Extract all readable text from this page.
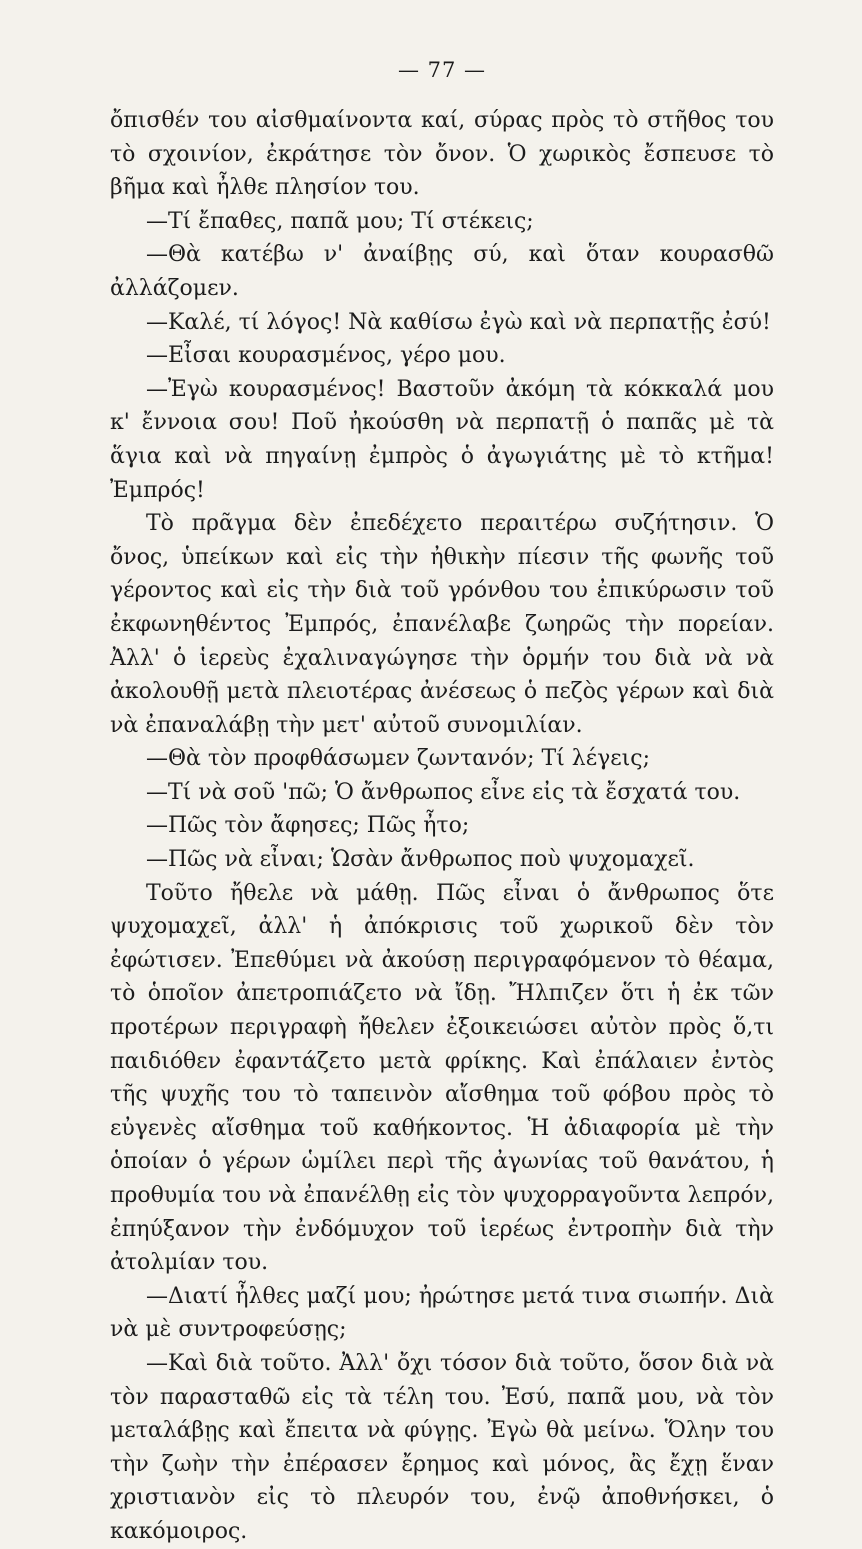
— 77 —

ὄπισθέν του αἰσθμαίνοντα καί, σύρας πρὸς τὸ στῆθος του τὸ σχοινίον, ἐκράτησε τὸν ὄνον. Ὁ χωρικὸς ἔσπευσε τὸ βῆμα καὶ ἦλθε πλησίον του.

—Τί ἔπαθες, παπᾶ μου; Τί στέκεις;

—Θὰ κατέβω ν' ἀναίβῃς σύ, καὶ ὅταν κουρασθῶ ἀλλάζομεν.

—Καλέ, τί λόγος! Νὰ καθίσω ἐγὼ καὶ νὰ περπατῇς ἐσύ!

—Εἶσαι κουρασμένος, γέρο μου.

—Ἐγὼ κουρασμένος! Βαστοῦν ἀκόμη τὰ κόκκαλά μου κ' ἔννοια σου! Ποῦ ἠκούσθη νὰ περπατῇ ὁ παπᾶς μὲ τὰ ἅγια καὶ νὰ πηγαίνῃ ἐμπρὸς ὁ ἀγωγιάτης μὲ τὸ κτῆμα! Ἐμπρός!

Τὸ πρᾶγμα δὲν ἐπεδέχετο περαιτέρω συζήτησιν. Ὁ ὄνος, ὑπείκων καὶ εἰς τὴν ἠθικὴν πίεσιν τῆς φωνῆς τοῦ γέροντος καὶ εἰς τὴν διὰ τοῦ γρόνθου του ἐπικύρωσιν τοῦ ἐκφωνηθέντος Ἐμπρός, ἐπανέλαβε ζωηρῶς τὴν πορείαν. Ἀλλ' ὁ ἱερεὺς ἐχαλιναγώγησε τὴν ὁρμήν του διὰ νὰ νὰ ἀκολουθῇ μετὰ πλειοτέρας ἀνέσεως ὁ πεζὸς γέρων καὶ διὰ νὰ ἐπαναλάβῃ τὴν μετ' αὐτοῦ συνομιλίαν.

—Θὰ τὸν προφθάσωμεν ζωντανόν; Τί λέγεις;

—Τί νὰ σοῦ 'πῶ; Ὁ ἄνθρωπος εἶνε εἰς τὰ ἔσχατά του.

—Πῶς τὸν ἄφησες; Πῶς ἦτο;

—Πῶς νὰ εἶναι; Ὡσὰν ἄνθρωπος ποὺ ψυχομαχεῖ.

Τοῦτο ἤθελε νὰ μάθῃ. Πῶς εἶναι ὁ ἄνθρωπος ὅτε ψυχομαχεῖ, ἀλλ' ἡ ἀπόκρισις τοῦ χωρικοῦ δὲν τὸν ἐφώτισεν. Ἐπεθύμει νὰ ἀκούσῃ περιγραφόμενον τὸ θέαμα, τὸ ὁποῖον ἀπετροπιάζετο νὰ ἴδῃ. Ἤλπιζεν ὅτι ἡ ἐκ τῶν προτέρων περιγραφὴ ἤθελεν ἐξοικειώσει αὐτὸν πρὸς ὅ,τι παιδιόθεν ἐφαντάζετο μετὰ φρίκης. Καὶ ἐπάλαιεν ἐντὸς τῆς ψυχῆς του τὸ ταπεινὸν αἴσθημα τοῦ φόβου πρὸς τὸ εὐγενὲς αἴσθημα τοῦ καθήκοντος. Ἡ ἀδιαφορία μὲ τὴν ὁποίαν ὁ γέρων ὡμίλει περὶ τῆς ἀγωνίας τοῦ θανάτου, ἡ προθυμία του νὰ ἐπανέλθῃ εἰς τὸν ψυχορραγοῦντα λεπρόν, ἐπηύξανον τὴν ἐνδόμυχον τοῦ ἱερέως ἐντροπὴν διὰ τὴν ἀτολμίαν του.

—Διατί ἦλθες μαζί μου; ἠρώτησε μετά τινα σιωπήν. Διὰ νὰ μὲ συντροφεύσῃς;

—Καὶ διὰ τοῦτο. Ἀλλ' ὄχι τόσον διὰ τοῦτο, ὅσον διὰ νὰ τὸν παρασταθῶ εἰς τὰ τέλη του. Ἐσύ, παπᾶ μου, νὰ τὸν μεταλάβῃς καὶ ἔπειτα νὰ φύγῃς. Ἐγὼ θὰ μείνω. Ὅλην του τὴν ζωὴν τὴν ἐπέρασεν ἔρημος καὶ μόνος, ἂς ἔχῃ ἕναν χριστιανὸν εἰς τὸ πλευρόν του, ἐνῷ ἀποθνήσκει, ὁ κακόμοιρος.
